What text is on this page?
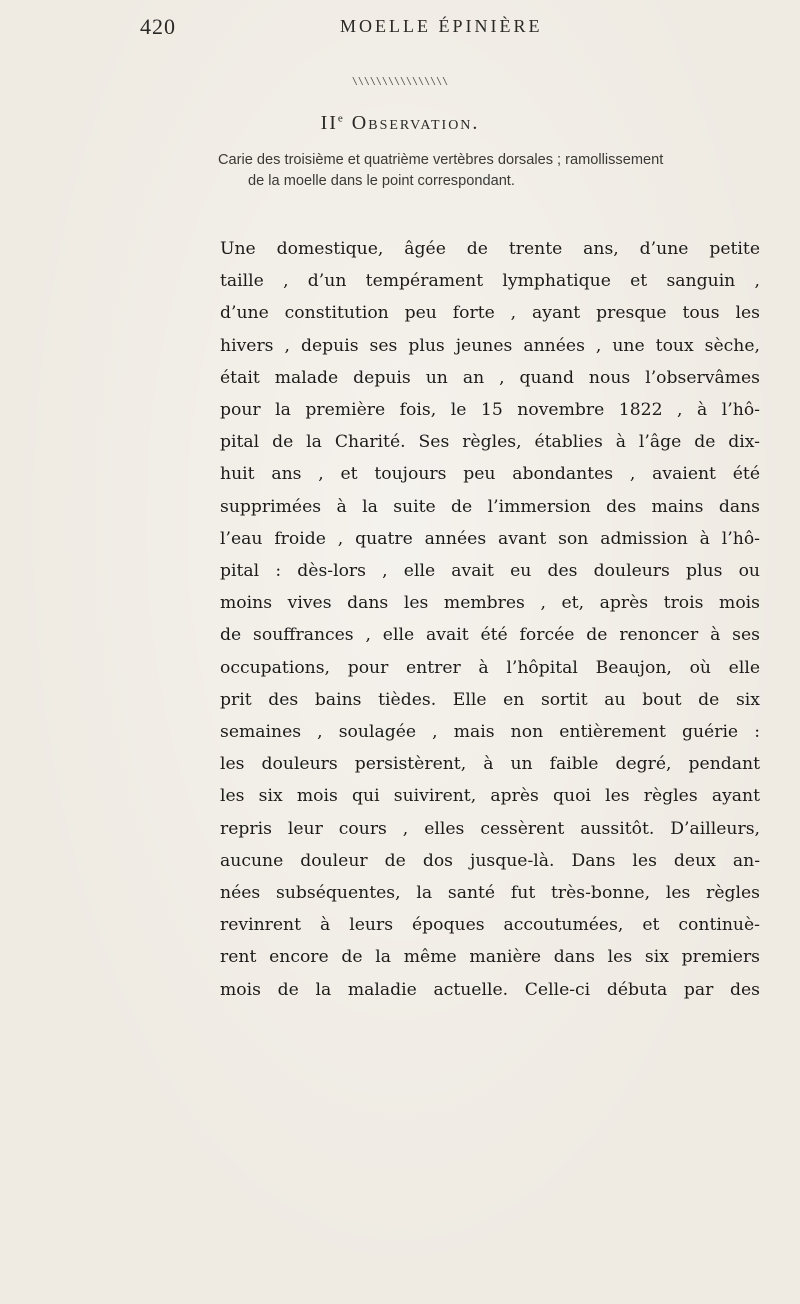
420	MOELLE ÉPINIÈRE
\\\\\\\\\\\\\\\\
IIe Observation.
Carie des troisième et quatrième vertèbres dorsales ; ramollissement
de la moelle dans le point correspondant.
Une domestique, âgée de trente ans, d’une petite
taille , d’un tempérament lymphatique et sanguin ,
d’une constitution peu forte , ayant presque tous les
hivers , depuis ses plus jeunes années , une toux sèche,
était malade depuis un an , quand nous l’observâmes
pour la première fois, le 15 novembre 1822 , à l’hô-
pital de la Charité. Ses règles, établies à l’âge de dix-
huit ans , et toujours peu abondantes , avaient été
supprimées à la suite de l’immersion des mains dans
l’eau froide , quatre années avant son admission à l’hô-
pital : dès-lors , elle avait eu des douleurs plus ou
moins vives dans les membres , et, après trois mois
de souffrances , elle avait été forcée de renoncer à ses
occupations, pour entrer à l’hôpital Beaujon, où elle
prit des bains tièdes. Elle en sortit au bout de six
semaines , soulagée , mais non entièrement guérie :
les douleurs persistèrent, à un faible degré, pendant
les six mois qui suivirent, après quoi les règles ayant
repris leur cours , elles cessèrent aussitôt. D’ailleurs,
aucune douleur de dos jusque-là. Dans les deux an-
nées subséquentes, la santé fut très-bonne, les règles
revinrent à leurs époques accoutumées, et continuè-
rent encore de la même manière dans les six premiers
mois de la maladie actuelle. Celle-ci débuta par des
